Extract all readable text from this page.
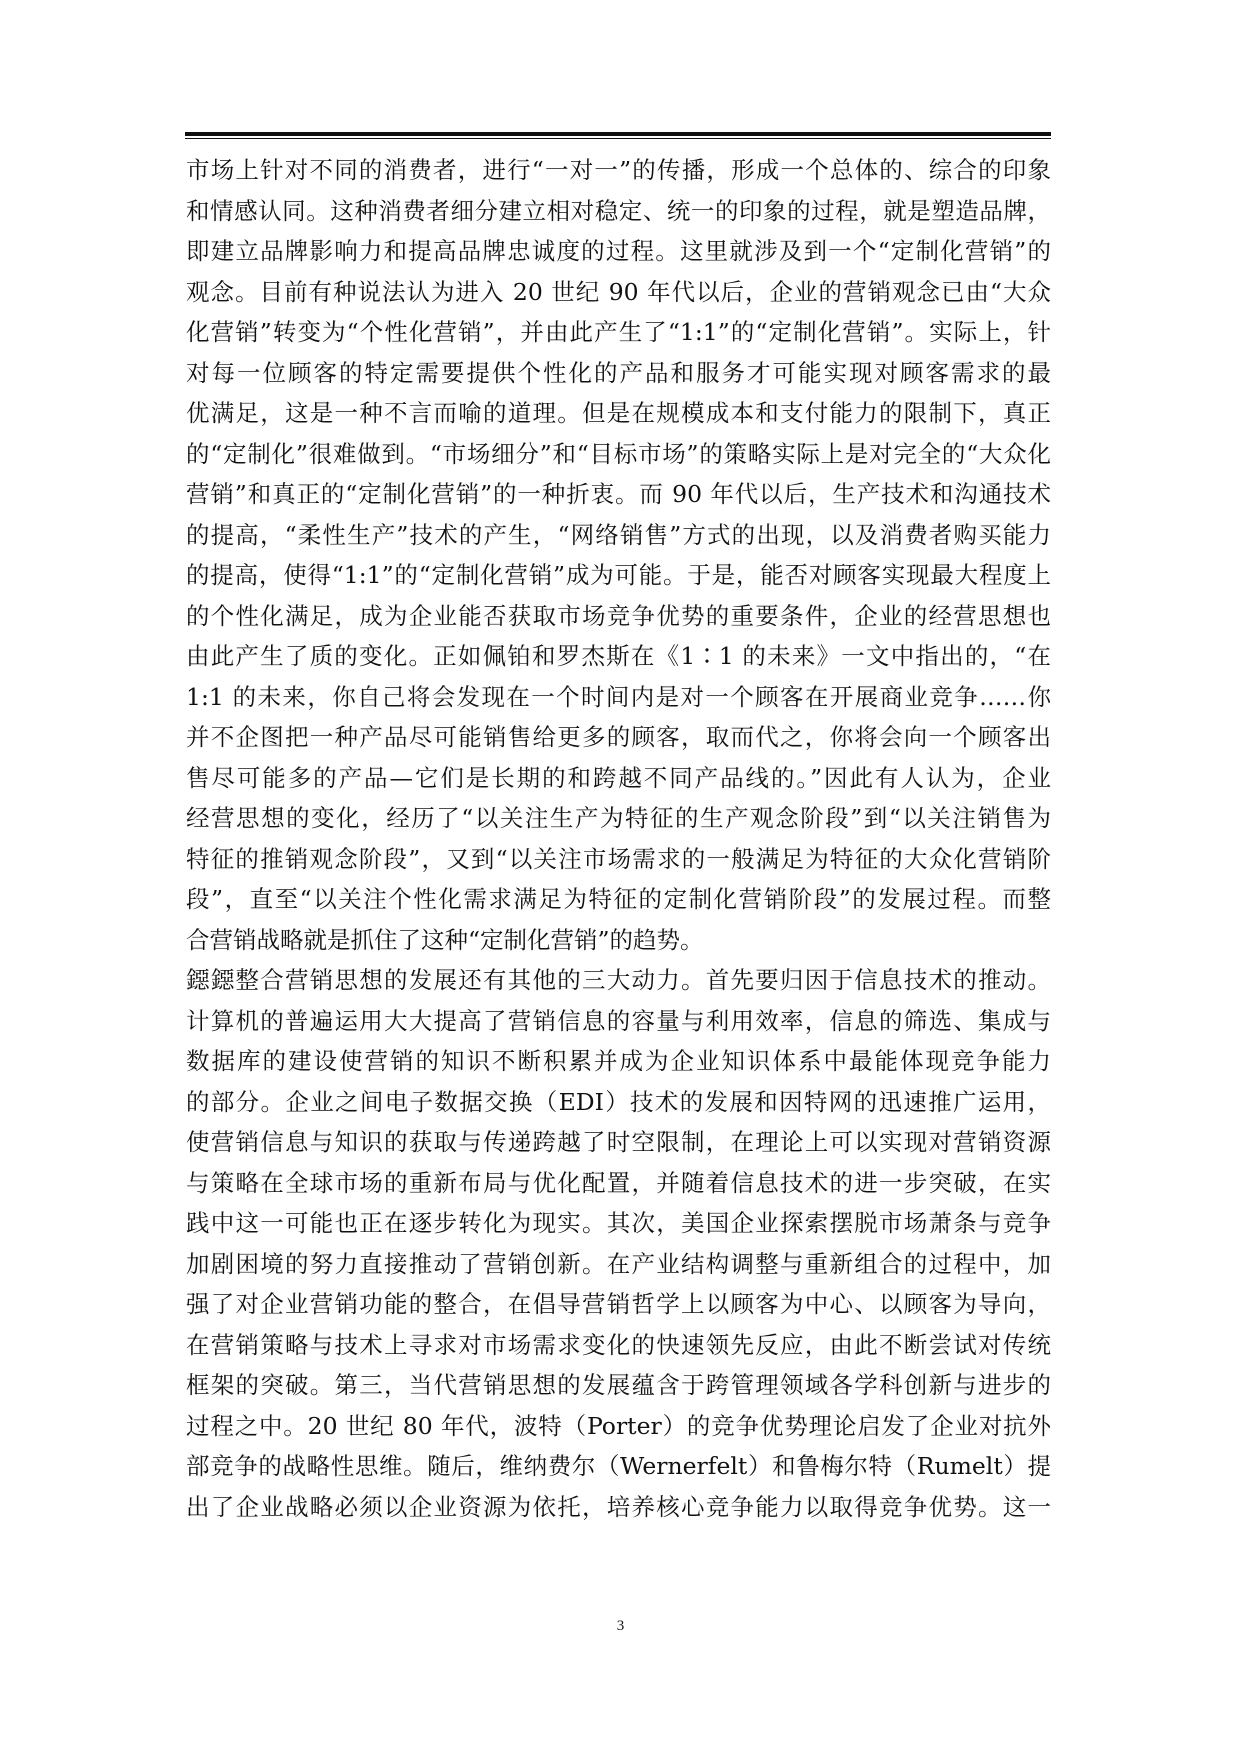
市场上针对不同的消费者，进行“一对一”的传播，形成一个总体的、综合的印象
和情感认同。这种消费者细分建立相对稳定、统一的印象的过程，就是塑造品牌，
即建立品牌影响力和提高品牌忠诚度的过程。这里就涉及到一个“定制化营销”的
观念。目前有种说法认为进入 20 世纪 90 年代以后，企业的营销观念已由“大众
化营销”转变为“个性化营销”，并由此产生了“1:1”的“定制化营销”。实际上，针
对每一位顾客的特定需要提供个性化的产品和服务才可能实现对顾客需求的最
优满足，这是一种不言而喻的道理。但是在规模成本和支付能力的限制下，真正
的“定制化”很难做到。“市场细分”和“目标市场”的策略实际上是对完全的“大众化
营销”和真正的“定制化营销”的一种折衷。而 90 年代以后，生产技术和沟通技术
的提高，“柔性生产”技术的产生，“网络销售”方式的出现，以及消费者购买能力
的提高，使得“1:1”的“定制化营销”成为可能。于是，能否对顾客实现最大程度上
的个性化满足，成为企业能否获取市场竞争优势的重要条件，企业的经营思想也
由此产生了质的变化。正如佩铂和罗杰斯在《1∶1 的未来》一文中指出的，“在
1:1 的未来，你自己将会发现在一个时间内是对一个顾客在开展商业竞争……你
并不企图把一种产品尽可能销售给更多的顾客，取而代之，你将会向一个顾客出
售尽可能多的产品—它们是长期的和跨越不同产品线的。”因此有人认为，企业
经营思想的变化，经历了“以关注生产为特征的生产观念阶段”到“以关注销售为
特征的推销观念阶段”，又到“以关注市场需求的一般满足为特征的大众化营销阶
段”，直至“以关注个性化需求满足为特征的定制化营销阶段”的发展过程。而整
合营销战略就是抓住了这种“定制化营销”的趋势。
鐚鐚整合营销思想的发展还有其他的三大动力。首先要归因于信息技术的推动。
计算机的普遍运用大大提高了营销信息的容量与利用效率，信息的筛选、集成与
数据库的建设使营销的知识不断积累并成为企业知识体系中最能体现竞争能力
的部分。企业之间电子数据交换（EDI）技术的发展和因特网的迅速推广运用，
使营销信息与知识的获取与传递跨越了时空限制，在理论上可以实现对营销资源
与策略在全球市场的重新布局与优化配置，并随着信息技术的进一步突破，在实
践中这一可能也正在逐步转化为现实。其次，美国企业探索摆脱市场萧条与竞争
加剧困境的努力直接推动了营销创新。在产业结构调整与重新组合的过程中，加
强了对企业营销功能的整合，在倡导营销哲学上以顾客为中心、以顾客为导向，
在营销策略与技术上寻求对市场需求变化的快速领先反应，由此不断尝试对传统
框架的突破。第三，当代营销思想的发展蕴含于跨管理领域各学科创新与进步的
过程之中。20 世纪 80 年代，波特（Porter）的竞争优势理论启发了企业对抗外
部竞争的战略性思维。随后，维纳费尔（Wernerfelt）和鲁梅尔特（Rumelt）提
出了企业战略必须以企业资源为依托，培养核心竞争能力以取得竞争优势。这一
3
